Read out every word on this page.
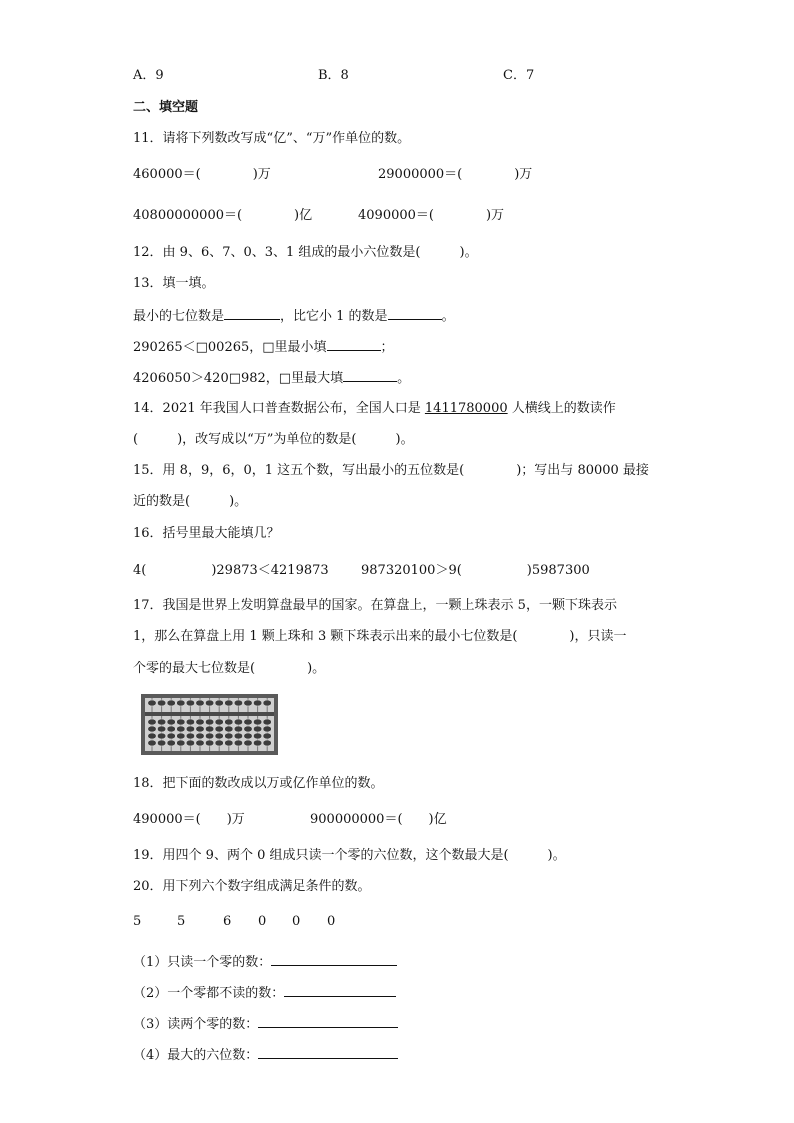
A．9	B．8	C．7
二、填空题
11．请将下列数改写成“亿”、“万”作单位的数。
460000＝(　　　　)万	29000000＝(　　　　)万
40800000000＝(　　　　)亿	4090000＝(　　　　)万
12．由 9、6、7、0、3、1 组成的最小六位数是(　　　)。
13．填一填。
最小的七位数是	，比它小 1 的数是	。
290265＜□00265，□里最小填	；
4206050＞420□982，□里最大填	。
14．2021 年我国人口普查数据公布，全国人口是 1411780000 人横线上的数读作
(　　　)，改写成以“万”为单位的数是(　　　)。
15．用 8，9，6，0，1 这五个数，写出最小的五位数是(　　　　)；写出与 80000 最接
近的数是(　　　)。
16．括号里最大能填几？
4(　　　　　)29873＜4219873 987320100＞9(　　　　　)5987300
17．我国是世界上发明算盘最早的国家。在算盘上，一颗上珠表示 5，一颗下珠表示
1，那么在算盘上用 1 颗上珠和 3 颗下珠表示出来的最小七位数是(　　　　)，只读一
个零的最大七位数是(　　　　)。
18．把下面的数改成以万或亿作单位的数。
490000＝(　　)万	900000000＝(　　)亿
19．用四个 9、两个 0 组成只读一个零的六位数，这个数最大是(　　　)。
20．用下列六个数字组成满足条件的数。
5	5	6 0 0 0
（1）只读一个零的数：
（2）一个零都不读的数：
（3）读两个零的数：
（4）最大的六位数：
